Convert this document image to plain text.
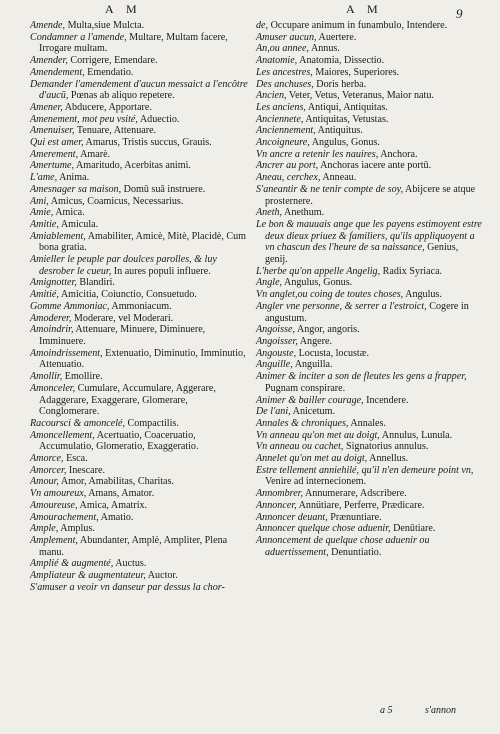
A M	A M	9

Amende, Multa,siue Mulcta.

Condamner a l'amende, Multare, Multam facere, Irrogare multam.

Amender, Corrigere, Emendare.

Amendement, Emendatio.

Demander l'amendement d'aucun messaict a l'encôtre d'aucũ, Pœnas ab aliquo repetere.

Amener, Abducere, Apportare.

Amenement, mot peu vsité, Aduectio.

Amenuiser, Tenuare, Attenuare.

Qui est amer, Amarus, Tristis succus, Grauis.

Amerement, Amarè.

Amertume, Amaritudo, Acerbitas animi.

L'ame, Anima.

Amesnager sa maison, Domū suâ instruere.

Ami, Amicus, Coamicus, Necessarius.

Amie, Amica.

Amitie, Amicula.

Amiablement, Amabiliter, Amicè, Mitè, Placidè, Cum bona gratia.

Amieller le peuple par doulces parolles, & luy desrober le cueur, In aures populi influere.

Amignotter, Blandiri.

Amitié, Amicitia, Coiunctio, Consuetudo.

Gomme Ammoniac, Ammoniacum.

Amoderer, Moderare, vel Moderari.

Amoindrir, Attenuare, Minuere, Diminuere, Imminuere.

Amoindrissement, Extenuatio, Diminutio, Imminutio, Attenuatio.

Amollir, Emollire.

Amonceler, Cumulare, Accumulare, Aggerare, Adaggerare, Exaggerare, Glomerare, Conglomerare.

Racoursci & amoncelé, Compactilis.

Amoncellement, Acertuatio, Coaceruatio, Accumulatio, Glomeratio, Exaggeratio.

Amorce, Esca.

Amorcer, Inescare.

Amour, Amor, Amabilitas, Charitas.

Vn amoureux, Amans, Amator.

Amoureuse, Amica, Amatrix.

Amourachement, Amatio.

Ample, Amplus.

Amplement, Abundanter, Amplè, Ampliter, Plena manu.

Amplié & augmenté, Auctus.

Ampliateur & augmentateur, Auctor.

S'amuser a veoir vn danseur par dessus la chor-

de, Occupare animum in funambulo, Intendere.

Amuser aucun, Auertere.

An,ou annee, Annus.

Anatomie, Anatomia, Dissectio.

Les ancestres, Maiores, Superiores.

Des anchuses, Doris herba.

Ancien, Veter, Vetus, Veteranus, Maior natu.

Les anciens, Antiqui, Antiquitas.

Anciennete, Antiquitas, Vetustas.

Anciennement, Antiquitus.

Ancoigneure, Angulus, Gonus.

Vn ancre a retenir les nauires, Anchora.

Ancrer au port, Anchoras iacere ante portū.

Aneau, cerchex, Anneau.

S'aneantir & ne tenir compte de soy, Abijcere se atque prosternere.

Aneth, Anethum.

Le bon & mauuais ange que les payens estimoyent estre deux dieux priuez & familiers, qu'ils appliquoyent a vn chascun des l'heure de sa naissance, Genius, genij.

L'herbe qu'on appelle Angelig, Radix Syriaca.

Angle, Angulus, Gonus.

Vn anglet,ou coing de toutes choses, Angulus.

Angler vne personne, & serrer a l'estroict, Cogere in angustum.

Angoisse, Angor, angoris.

Angoisser, Angere.

Angouste, Locusta, locustæ.

Anguille, Anguilla.

Animer & inciter a son de fleutes les gens a frapper, Pugnam conspirare.

Animer & bailler courage, Incendere.

De l'ani, Anicetum.

Annales & chroniques, Annales.

Vn anneau qu'on met au doigt, Annulus, Lunula.

Vn anneau ou cachet, Signatorius annulus.

Annelet qu'on met au doigt, Annellus.

Estre tellement anniehilé, qu'il n'en demeure point vn, Venire ad internecionem.

Annombrer, Annumerare, Adscribere.

Annoncer, Annütiare, Perferre, Prædicare.

Annoncer deuant, Prænuntiare.

Annoncer quelque chose aduenir, Denūtiare.

Annoncement de quelque chose aduenir ou aduertissement, Denuntiatio.

a 5	s'annon
